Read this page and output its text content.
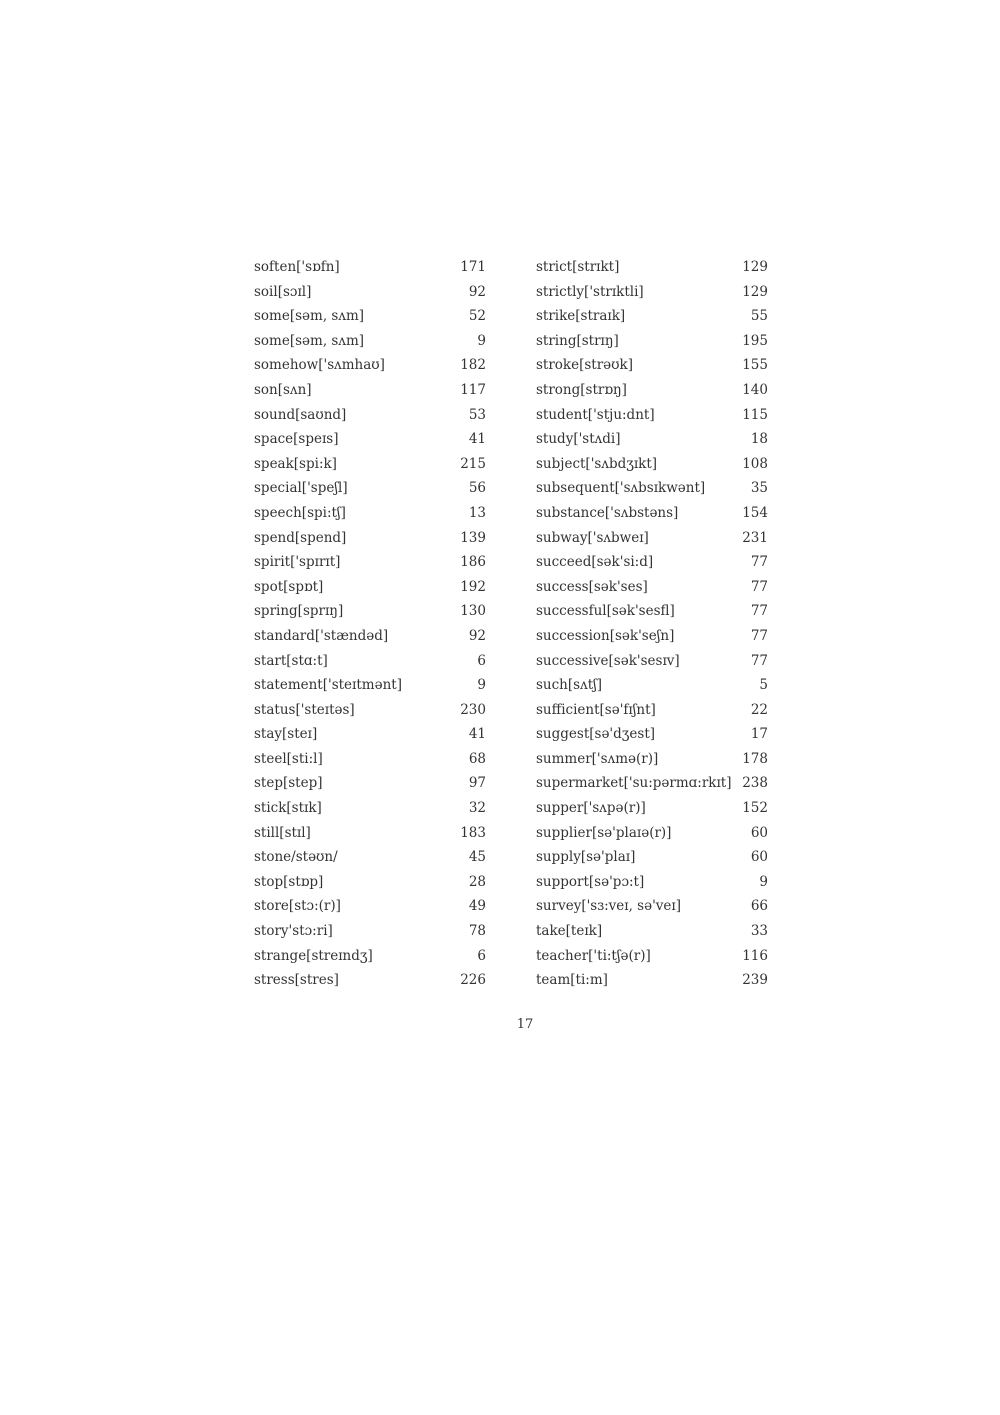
soften['sɒfn]	171
soil[sɔɪl]	92
some[səm, sʌm]	52
some[səm, sʌm]	9
somehow['sʌmhaʊ]	182
son[sʌn]	117
sound[saʊnd]	53
space[speɪs]	41
speak[spi:k]	215
special['speʃl]	56
speech[spi:tʃ]	13
spend[spend]	139
spirit['spɪrɪt]	186
spot[spɒt]	192
spring[sprɪŋ]	130
standard['stændəd]	92
start[stɑ:t]	6
statement['steɪtmənt]	9
status['steɪtəs]	230
stay[steɪ]	41
steel[sti:l]	68
step[step]	97
stick[stɪk]	32
still[stɪl]	183
stone/stəʊn/	45
stop[stɒp]	28
store[stɔ:(r)]	49
story'stɔ:ri]	78
strange[streɪndʒ]	6
stress[stres]	226
strict[strɪkt]	129
strictly['strɪktli]	129
strike[straɪk]	55
string[strɪŋ]	195
stroke[strəʊk]	155
strong[strɒŋ]	140
student['stju:dnt]	115
study['stʌdi]	18
subject['sʌbdʒɪkt]	108
subsequent['sʌbsɪkwənt]	35
substance['sʌbstəns]	154
subway['sʌbweɪ]	231
succeed[sək'si:d]	77
success[sək'ses]	77
successful[sək'sesfl]	77
succession[sək'seʃn]	77
successive[sək'sesɪv]	77
such[sʌtʃ]	5
sufficient[sə'fɪʃnt]	22
suggest[sə'dʒest]	17
summer['sʌmə(r)]	178
supermarket['su:pərmɑ:rkɪt] 238
supper['sʌpə(r)]	152
supplier[sə'plaɪə(r)]	60
supply[sə'plaɪ]	60
support[sə'pɔ:t]	9
survey['sɜ:veɪ, sə'veɪ]	66
take[teɪk]	33
teacher['ti:tʃə(r)]	116
team[ti:m]	239
17
